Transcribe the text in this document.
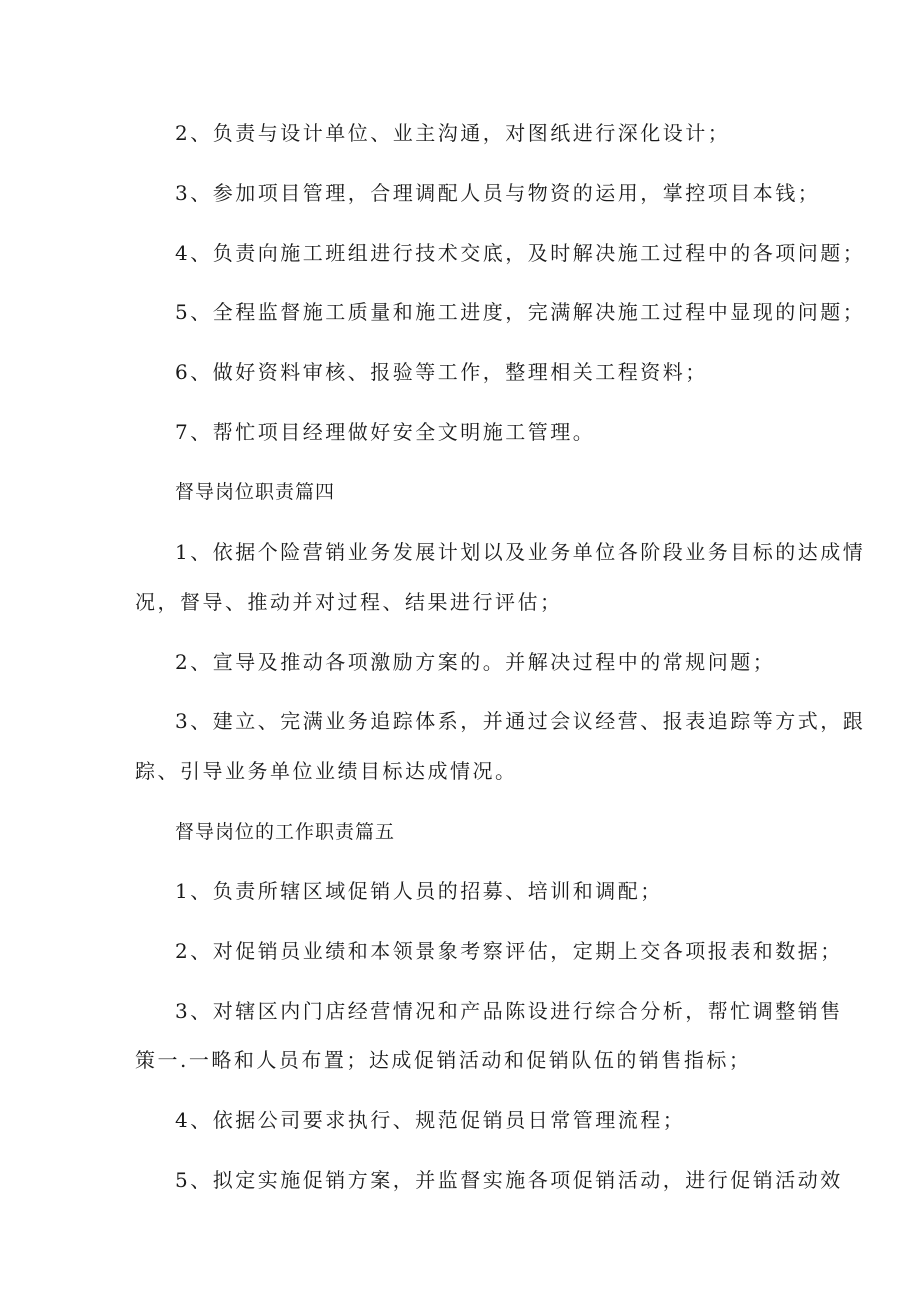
2、负责与设计单位、业主沟通，对图纸进行深化设计；
3、参加项目管理，合理调配人员与物资的运用，掌控项目本钱；
4、负责向施工班组进行技术交底，及时解决施工过程中的各项问题；
5、全程监督施工质量和施工进度，完满解决施工过程中显现的问题；
6、做好资料审核、报验等工作，整理相关工程资料；
7、帮忙项目经理做好安全文明施工管理。
督导岗位职责篇四
1、依据个险营销业务发展计划以及业务单位各阶段业务目标的达成情
况，督导、推动并对过程、结果进行评估；
2、宣导及推动各项激励方案的。并解决过程中的常规问题；
3、建立、完满业务追踪体系，并通过会议经营、报表追踪等方式，跟
踪、引导业务单位业绩目标达成情况。
督导岗位的工作职责篇五
1、负责所辖区域促销人员的招募、培训和调配；
2、对促销员业绩和本领景象考察评估，定期上交各项报表和数据；
3、对辖区内门店经营情况和产品陈设进行综合分析，帮忙调整销售
策一.一略和人员布置；达成促销活动和促销队伍的销售指标；
4、依据公司要求执行、规范促销员日常管理流程；
5、拟定实施促销方案，并监督实施各项促销活动，进行促销活动效
